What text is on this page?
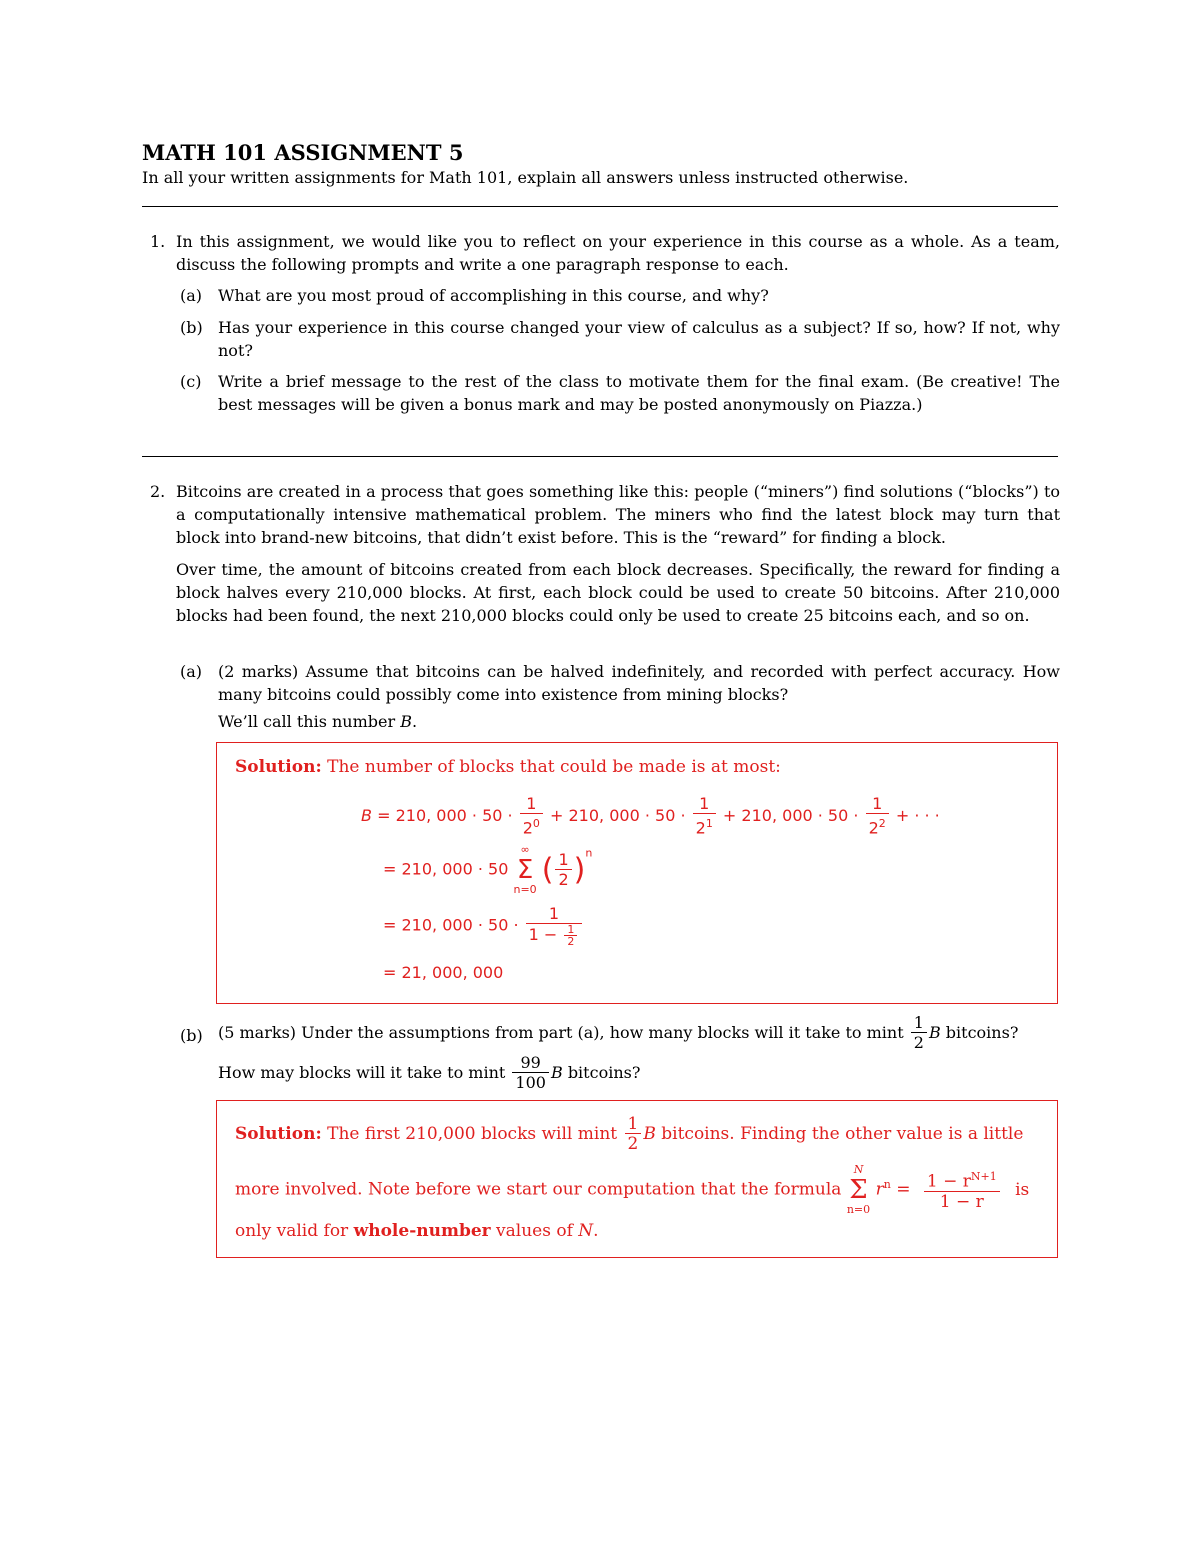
MATH 101 ASSIGNMENT 5
In all your written assignments for Math 101, explain all answers unless instructed otherwise.
1. In this assignment, we would like you to reflect on your experience in this course as a whole. As a team, discuss the following prompts and write a one paragraph response to each.
(a) What are you most proud of accomplishing in this course, and why?
(b) Has your experience in this course changed your view of calculus as a subject? If so, how? If not, why not?
(c) Write a brief message to the rest of the class to motivate them for the final exam. (Be creative! The best messages will be given a bonus mark and may be posted anonymously on Piazza.)
2. Bitcoins are created in a process that goes something like this: people (“miners”) find solutions (“blocks”) to a computationally intensive mathematical problem. The miners who find the latest block may turn that block into brand-new bitcoins, that didn’t exist before. This is the “reward” for finding a block.
Over time, the amount of bitcoins created from each block decreases. Specifically, the reward for finding a block halves every 210,000 blocks. At first, each block could be used to create 50 bitcoins. After 210,000 blocks had been found, the next 210,000 blocks could only be used to create 25 bitcoins each, and so on.
(a) (2 marks) Assume that bitcoins can be halved indefinitely, and recorded with perfect accuracy. How many bitcoins could possibly come into existence from mining blocks?
We’ll call this number B.
Solution: The number of blocks that could be made is at most:
B = 210, $000 \cdot 50 \cdot \frac{1}{2^0} + 210$, $000 \cdot 50 \cdot \frac{1}{2^1} + 210$, $000 \cdot 50 \cdot \frac{1}{2^2}$ + · · ·
= 210, 000 · 50
∞
Σ
n=0
( $\frac{1}{2} )^n$
= 210, $000 \cdot 50 \cdot \frac{1}{1 - \frac{1}{2}}$
= 21, 000, 000
(b) (5 marks) Under the assumptions from part (a), how many blocks will it take to mint $\frac{1}{2}$ B bitcoins?
How may blocks will it take to mint $\frac{99}{100}$ B bitcoins?
Solution: The first 210,000 blocks will mint $\frac{1}{2}$ B bitcoins. Finding the other value is a little
more involved. Note before we start our computation that the formula
N
Σ
n=0
$r^n = \frac{1 - r^{N+1}}{1 - r}$ is
only valid for whole-number values of N.
